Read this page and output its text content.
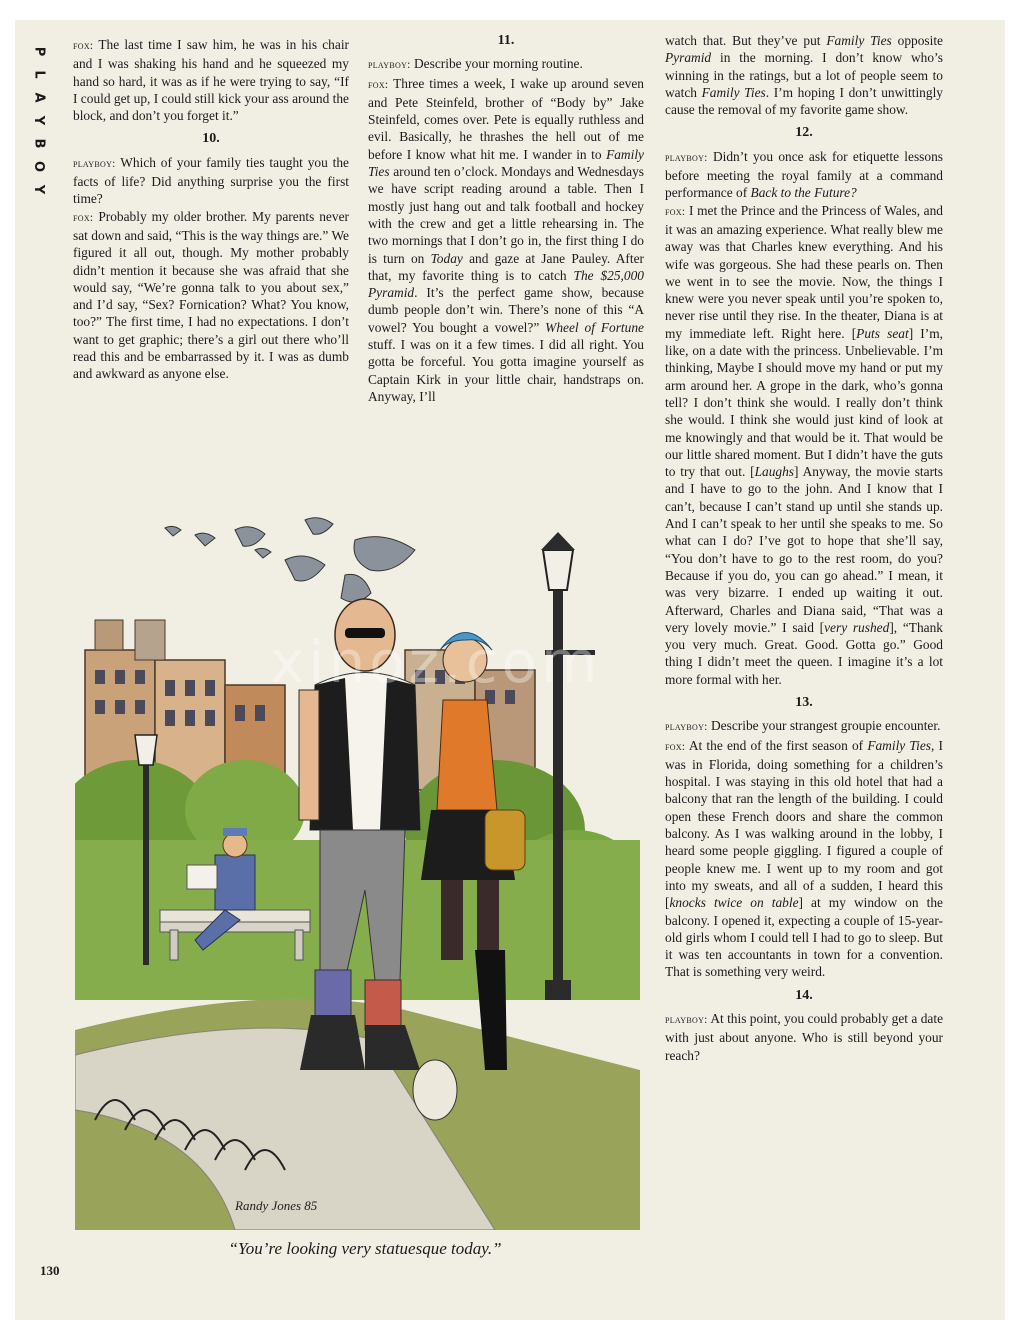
P
L
A
Y
B
O
Y

fox: The last time I saw him, he was in his chair and I was shaking his hand and he squeezed my hand so hard, it was as if he were trying to say, “If I could get up, I could still kick your ass around the block, and don’t you forget it.”

10.

playboy: Which of your family ties taught you the facts of life? Did anything surprise you the first time?

fox: Probably my older brother. My parents never sat down and said, “This is the way things are.” We figured it all out, though. My mother probably didn’t mention it because she was afraid that she would say, “We’re gonna talk to you about sex,” and I’d say, “Sex? Fornication? What? You know, too?” The first time, I had no expectations. I don’t want to get graphic; there’s a girl out there who’ll read this and be embarrassed by it. I was as dumb and awkward as anyone else.

11.

playboy: Describe your morning routine.

fox: Three times a week, I wake up around seven and Pete Steinfeld, brother of “Body by” Jake Steinfeld, comes over. Pete is equally ruthless and evil. Basically, he thrashes the hell out of me before I know what hit me. I wander in to Family Ties around ten o’clock. Mondays and Wednesdays we have script reading around a table. Then I mostly just hang out and talk football and hockey with the crew and get a little rehearsing in. The two mornings that I don’t go in, the first thing I do is turn on Today and gaze at Jane Pauley. After that, my favorite thing is to catch The $25,000 Pyramid. It’s the perfect game show, because dumb people don’t win. There’s none of this “A vowel? You bought a vowel?” Wheel of Fortune stuff. I was on it a few times. I did all right. You gotta be forceful. You gotta imagine yourself as Captain Kirk in your little chair, handstraps on. Anyway, I’ll

watch that. But they’ve put Family Ties opposite Pyramid in the morning. I don’t know who’s winning in the ratings, but a lot of people seem to watch Family Ties. I’m hoping I don’t unwittingly cause the removal of my favorite game show.

12.

playboy: Didn’t you once ask for etiquette lessons before meeting the royal family at a command performance of Back to the Future?

fox: I met the Prince and the Princess of Wales, and it was an amazing experience. What really blew me away was that Charles knew everything. And his wife was gorgeous. She had these pearls on. Then we went in to see the movie. Now, the things I knew were you never speak until you’re spoken to, never rise until they rise. In the theater, Diana is at my immediate left. Right here. [Puts seat] I’m, like, on a date with the princess. Unbelievable. I’m thinking, Maybe I should move my hand or put my arm around her. A grope in the dark, who’s gonna tell? I don’t think she would. I really don’t think she would. I think she would just kind of look at me knowingly and that would be it. That would be our little shared moment. But I didn’t have the guts to try that out. [Laughs] Anyway, the movie starts and I have to go to the john. And I know that I can’t, because I can’t stand up until she stands up. And I can’t speak to her until she speaks to me. So what can I do? I’ve got to hope that she’ll say, “You don’t have to go to the rest room, do you? Because if you do, you can go ahead.” I mean, it was very bizarre. I ended up waiting it out. Afterward, Charles and Diana said, “That was a very lovely movie.” I said [very rushed], “Thank you very much. Great. Good. Gotta go.” Good thing I didn’t meet the queen. I imagine it’s a lot more formal with her.

13.

playboy: Describe your strangest groupie encounter.

fox: At the end of the first season of Family Ties, I was in Florida, doing something for a children’s hospital. I was staying in this old hotel that had a balcony that ran the length of the building. I could open these French doors and share the common balcony. As I was walking around in the lobby, I heard some people giggling. I figured a couple of people knew me. I went up to my room and got into my sweats, and all of a sudden, I heard this [knocks twice on table] at my window on the balcony. I opened it, expecting a couple of 15-year-old girls whom I could tell I had to go to sleep. But it was ten accountants in town for a convention. That is something very weird.

14.

playboy: At this point, you could probably get a date with just about anyone. Who is still beyond your reach?

Randy Jones 85
xinoz.com
“You’re looking very statuesque today.”
130
